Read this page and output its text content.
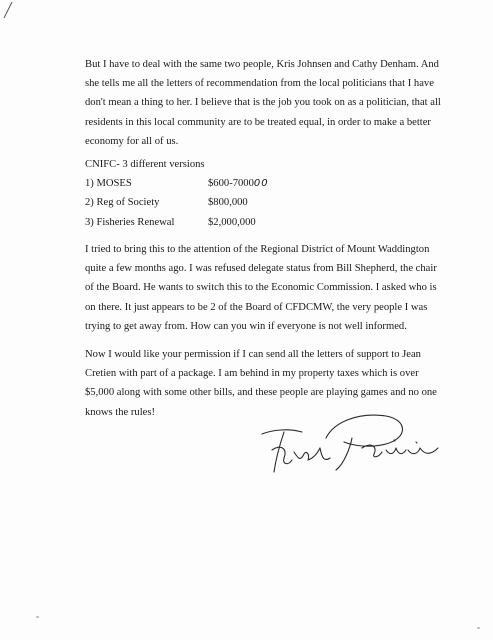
But I have to deal with the same two people, Kris Johnsen and Cathy Denham. And she tells me all the letters of recommendation from the local politicians that I have don't mean a thing to her. I believe that is the job you took on as a politician, that all residents in this local community are to be treated equal, in order to make a better economy for all of us.

CNIFC- 3 different versions
1) MOSES	$600-700000
2) Reg of Society	$800,000
3) Fisheries Renewal	$2,000,000

I tried to bring this to the attention of the Regional District of Mount Waddington quite a few months ago. I was refused delegate status from Bill Shepherd, the chair of the Board. He wants to switch this to the Economic Commission. I asked who is on there. It just appears to be 2 of the Board of CFDCMW, the very people I was trying to get away from. How can you win if everyone is not well informed.

Now I would like your permission if I can send all the letters of support to Jean Cretien with part of a package. I am behind in my property taxes which is over $5,000 along with some other bills, and these people are playing games and no one knows the rules!
